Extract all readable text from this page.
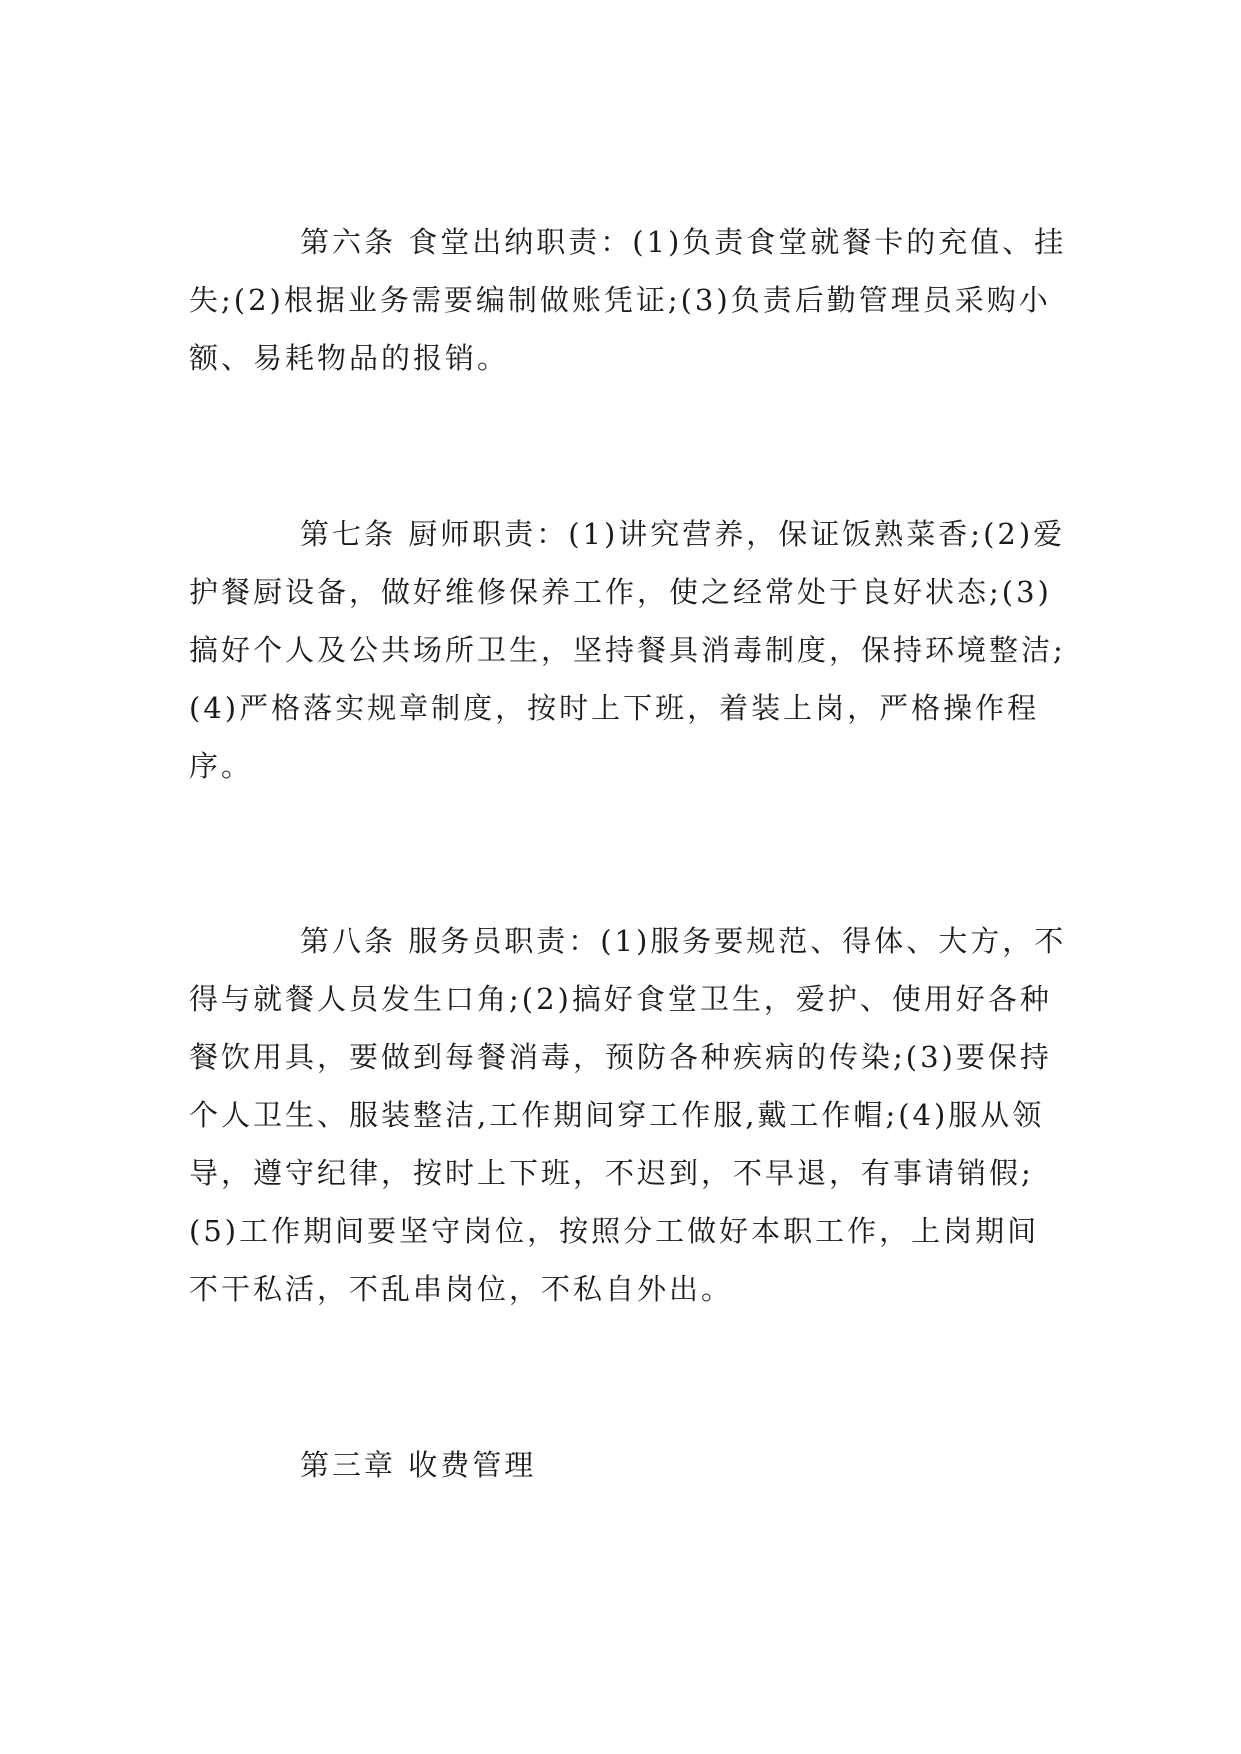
第六条 食堂出纳职责：(1)负责食堂就餐卡的充值、挂失;(2)根据业务需要编制做账凭证;(3)负责后勤管理员采购小额、易耗物品的报销。

第七条 厨师职责：(1)讲究营养，保证饭熟菜香;(2)爱护餐厨设备，做好维修保养工作，使之经常处于良好状态;(3)搞好个人及公共场所卫生，坚持餐具消毒制度，保持环境整洁;(4)严格落实规章制度，按时上下班，着装上岗，严格操作程序。

第八条 服务员职责：(1)服务要规范、得体、大方，不得与就餐人员发生口角;(2)搞好食堂卫生，爱护、使用好各种餐饮用具，要做到每餐消毒，预防各种疾病的传染;(3)要保持个人卫生、服装整洁,工作期间穿工作服,戴工作帽;(4)服从领导，遵守纪律，按时上下班，不迟到，不早退，有事请销假;(5)工作期间要坚守岗位，按照分工做好本职工作，上岗期间不干私活，不乱串岗位，不私自外出。

第三章 收费管理
